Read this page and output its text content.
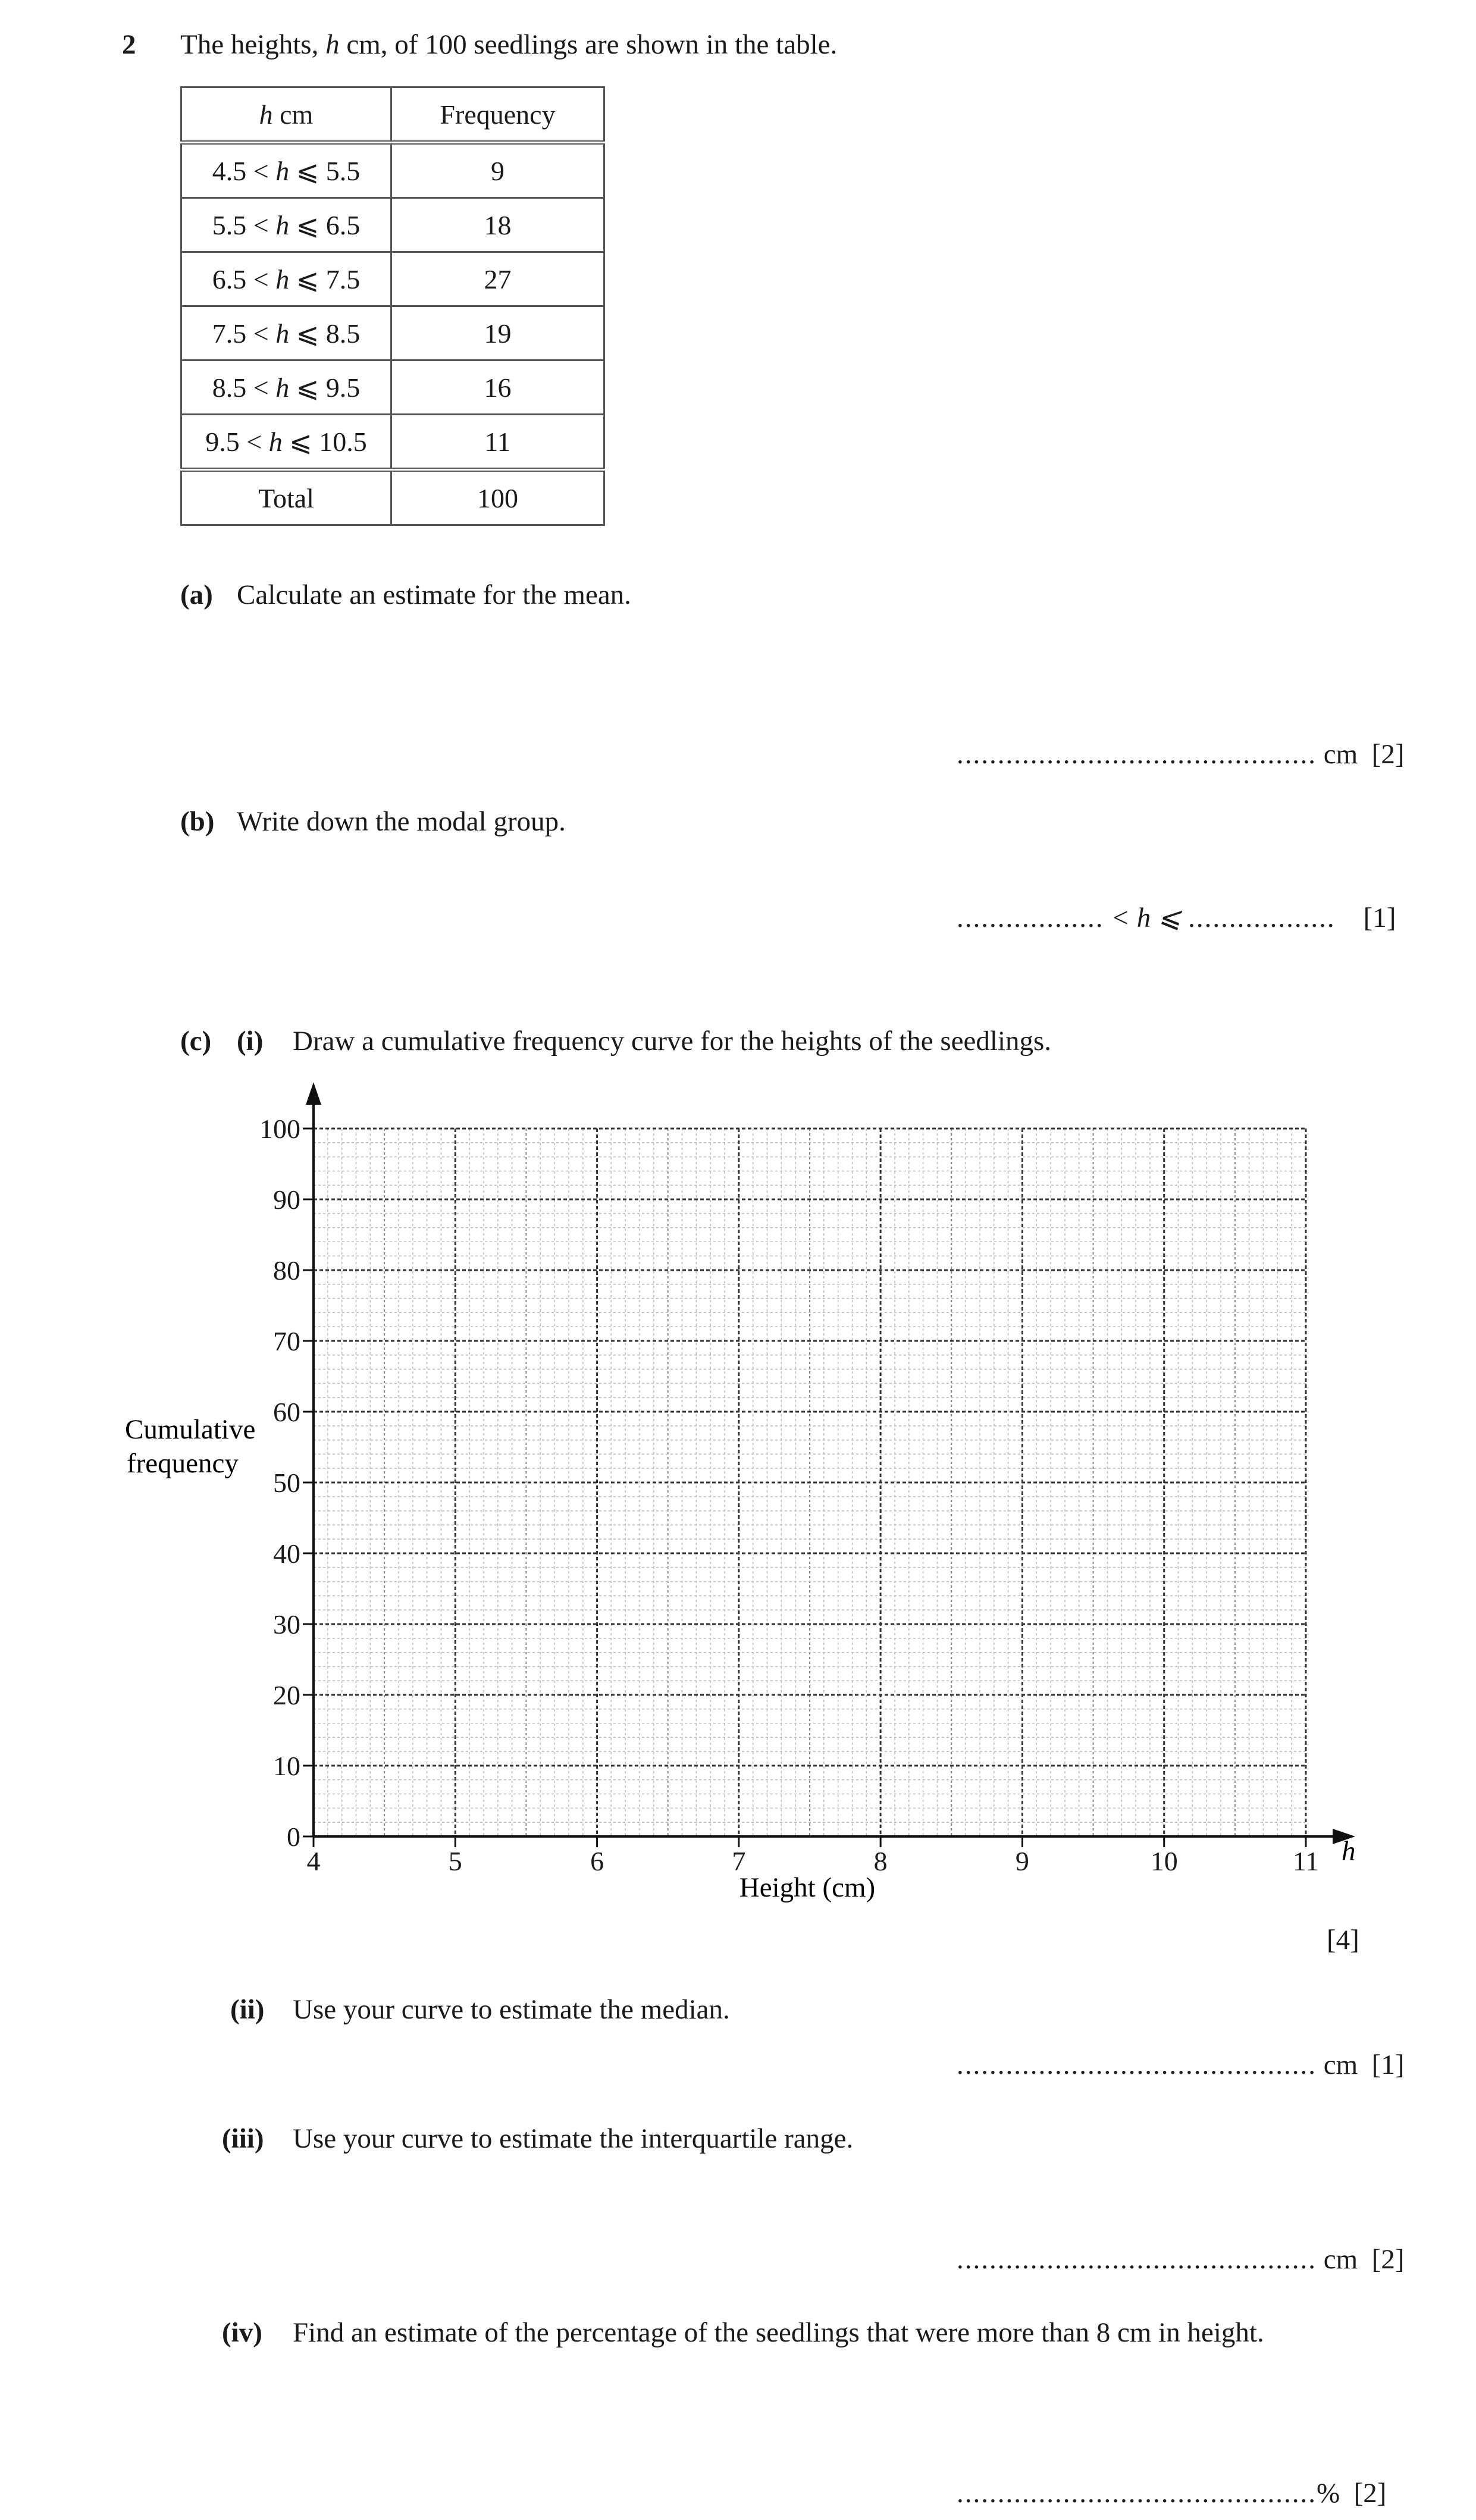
2 The heights, h cm, of 100 seedlings are shown in the table.
h cm	Frequency
4.5 < h ⩽ 5.5	9
5.5 < h ⩽ 6.5	18
6.5 < h ⩽ 7.5	27
7.5 < h ⩽ 8.5	19
8.5 < h ⩽ 9.5	16
9.5 < h ⩽ 10.5	11
Total	100
(a) Calculate an estimate for the mean.
............................................ cm [2]
(b) Write down the modal group.
.................. < h ⩽ .................. [1]
(c) (i) Draw a cumulative frequency curve for the heights of the seedlings.
4	5	6	7	8	9	10	11
0
10
20
30
40
50
60
70
80
90
100
Cumulative
frequency
Height (cm)
h
[4]
(ii) Use your curve to estimate the median.
............................................ cm [1]
(iii) Use your curve to estimate the interquartile range.
............................................ cm [2]
(iv) Find an estimate of the percentage of the seedlings that were more than 8 cm in height.
............................................% [2]
